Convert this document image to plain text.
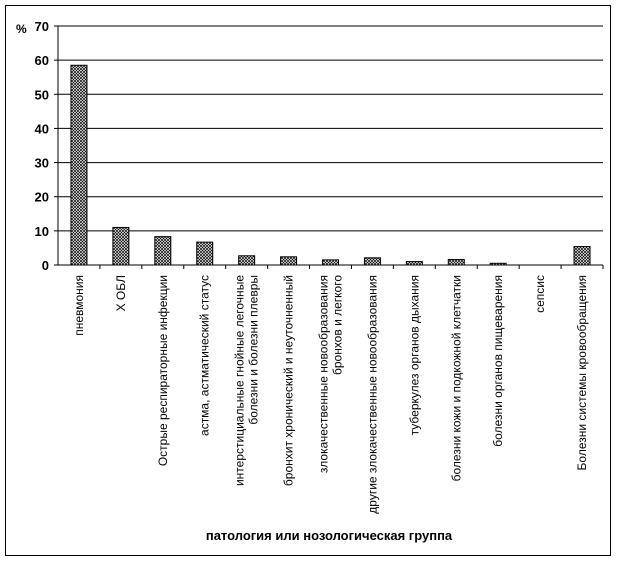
0
10
20
30
40
50
60
70
%
пневмония Х ОБЛ Острые респираторные инфекции астма, астматический статус интерстициальные гнойные легочные болезни и болезни плевры бронхит хронический и неуточненный злокачественные новообразования бронхов и легкого другие злокачественные новообразования туберкулез органов дыхания болезни кожи и подкожной клетчатки болезни органов пищеварения сепсис Болезни системы кровообращения
патология или нозологическая группа
